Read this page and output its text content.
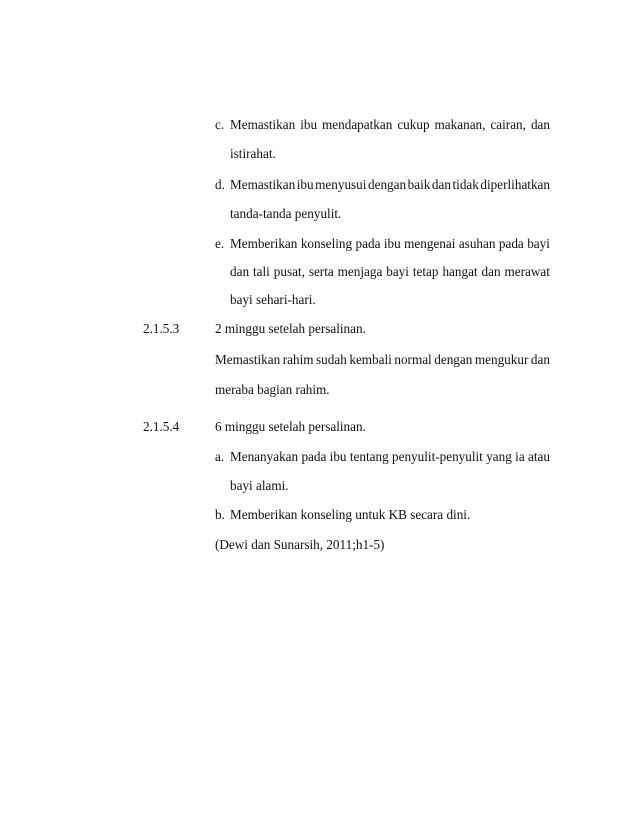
c. Memastikan ibu mendapatkan cukup makanan, cairan, dan
istirahat.
d. Memastikan ibu menyusui dengan baik dan tidak diperlihatkan
tanda-tanda penyulit.
e. Memberikan konseling pada ibu mengenai asuhan pada bayi
dan tali pusat, serta menjaga bayi tetap hangat dan merawat
bayi sehari-hari.
2.1.5.3	2 minggu setelah persalinan.
Memastikan rahim sudah kembali normal dengan mengukur dan
meraba bagian rahim.
2.1.5.4	6 minggu setelah persalinan.
a. Menanyakan pada ibu tentang penyulit-penyulit yang ia atau
bayi alami.
b. Memberikan konseling untuk KB secara dini.
(Dewi dan Sunarsih, 2011;h1-5)
